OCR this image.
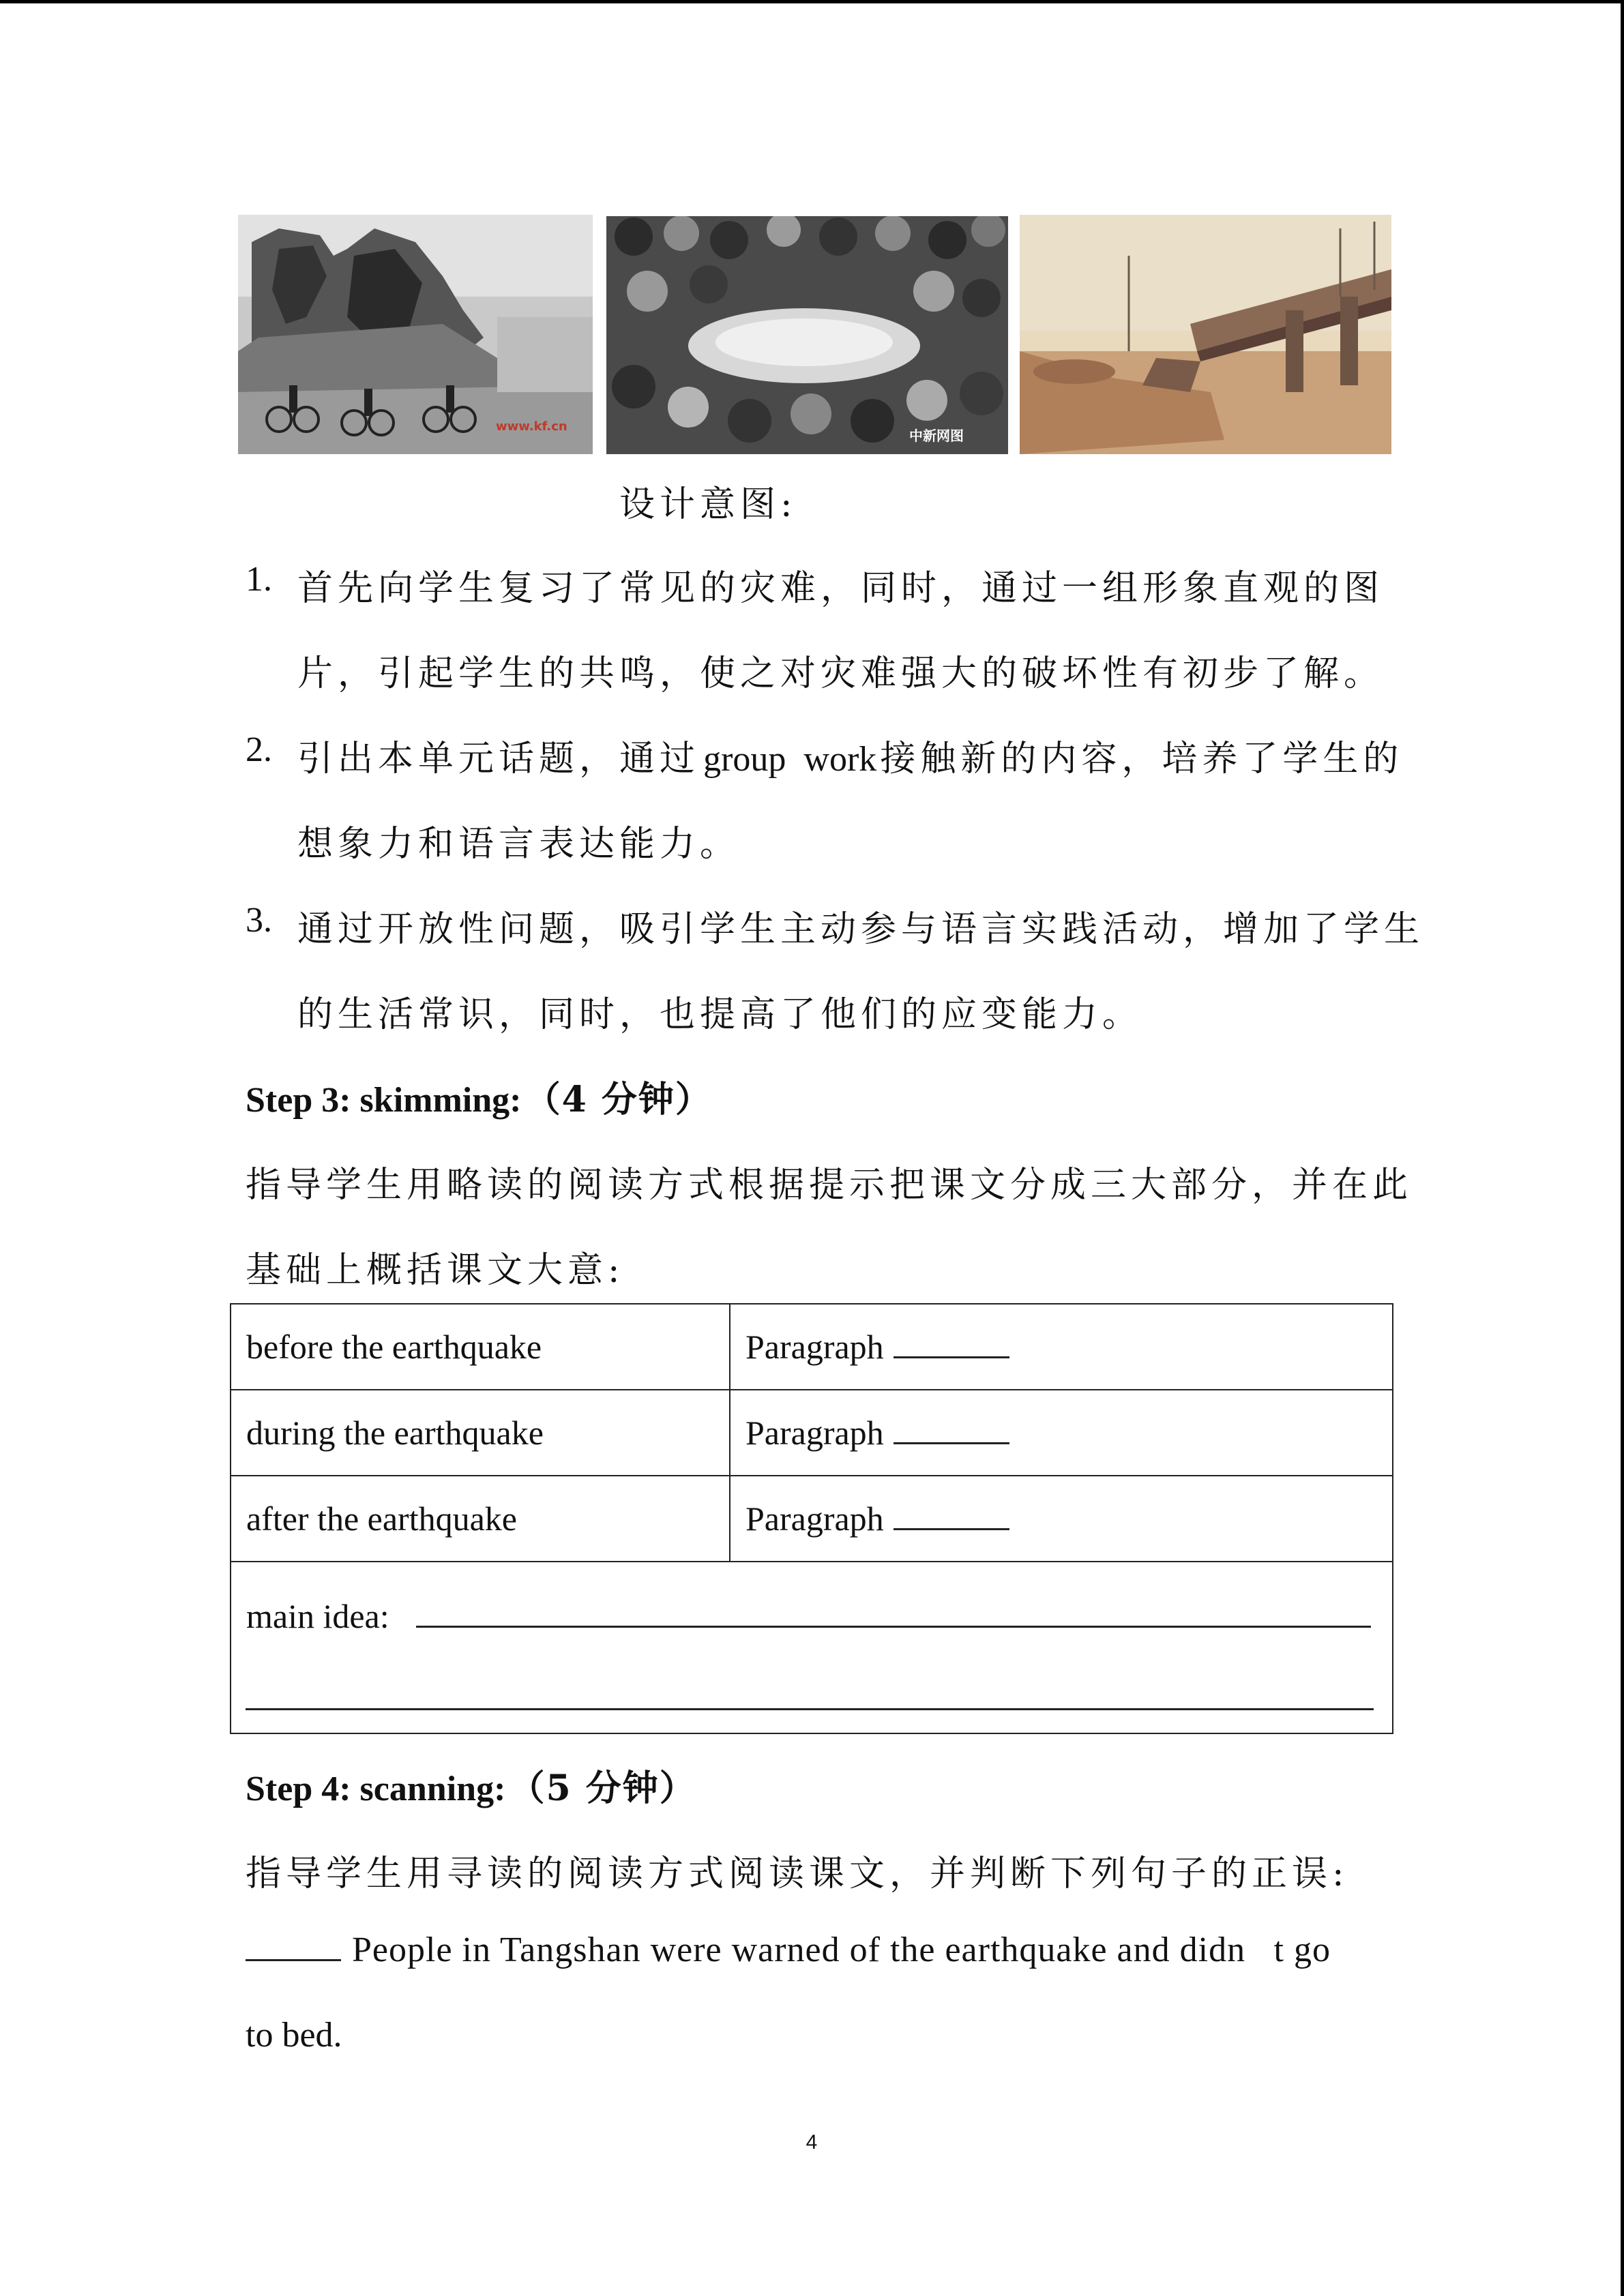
www.kf.cn
中新网图
设计意图:
1. 首先向学生复习了常见的灾难，同时，通过一组形象直观的图
片，引起学生的共鸣，使之对灾难强大的破坏性有初步了解。
2. 引出本单元话题，通过 group  work 接触新的内容，培养了学生的
想象力和语言表达能力。
3. 通过开放性问题，吸引学生主动参与语言实践活动，增加了学生
的生活常识，同时，也提高了他们的应变能力。
Step 3: skimming: （4 分钟）
指导学生用略读的阅读方式根据提示把课文分成三大部分，并在此
基础上概括课文大意:
before the earthquake	Paragraph
during the earthquake	Paragraph
after the earthquake	Paragraph

main idea:	
Step 4: scanning: （5 分钟）
指导学生用寻读的阅读方式阅读课文，并判断下列句子的正误:
People in Tangshan were warned of the earthquake and didn t go
to bed.
4
